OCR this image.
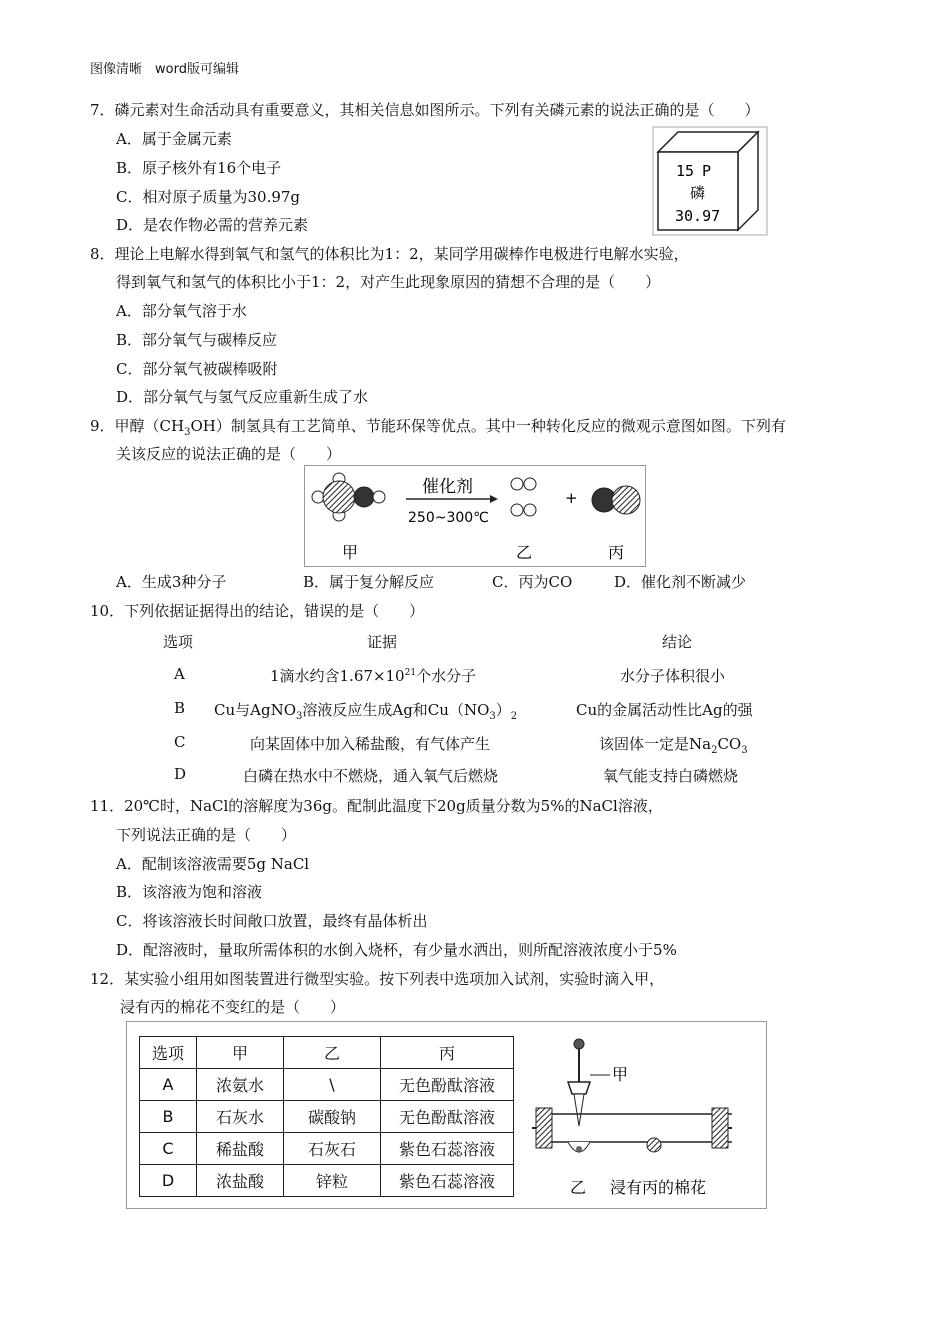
图像清晰　word版可编辑
7．磷元素对生命活动具有重要意义，其相关信息如图所示。下列有关磷元素的说法正确的是（　　）
A．属于金属元素
B．原子核外有16个电子
C．相对原子质量为30.97g
D．是农作物必需的营养元素
15 P
磷
30.97
8．理论上电解水得到氧气和氢气的体积比为1：2，某同学用碳棒作电极进行电解水实验，
得到氧气和氢气的体积比小于1：2，对产生此现象原因的猜想不合理的是（　　）
A．部分氧气溶于水
B．部分氧气与碳棒反应
C．部分氧气被碳棒吸附
D．部分氧气与氢气反应重新生成了水
9．甲醇$(CH_3OH)$制氢具有工艺简单、节能环保等优点。其中一种转化反应的微观示意图如图。下列有
关该反应的说法正确的是（　　）
催化剂
250~300℃
+
甲	乙	丙
A．生成3种分子	B．属于复分解反应	C．丙为CO	D．催化剂不断减少
10．下列依据证据得出的结论，错误的是（　　）
选项	证据	结论
A	1滴水约含$1.67\times 10^{21}$个水分子	水分子体积很小
B Cu与AgNO$_3$溶液反应生成Ag和$Cu(NO_3)_2$	Cu的金属活动性比Ag的强
C	向某固体中加入稀盐酸，有气体产生	该固体一定是$Na_2CO_3$
D	白磷在热水中不燃烧，通入氧气后燃烧	氧气能支持白磷燃烧
11．20℃时，NaCl的溶解度为36g。配制此温度下20g质量分数为5%的NaCl溶液，
下列说法正确的是（　　）
A．配制该溶液需要5g NaCl
B．该溶液为饱和溶液
C．将该溶液长时间敞口放置，最终有晶体析出
D．配溶液时，量取所需体积的水倒入烧杯，有少量水洒出，则所配溶液浓度小于5%
12．某实验小组用如图装置进行微型实验。按下列表中选项加入试剂，实验时滴入甲，
浸有丙的棉花不变红的是（　　）
选项	甲	乙	丙
A	浓氨水	\	无色酚酞溶液
B	石灰水	碳酸钠	无色酚酞溶液
C	稀盐酸	石灰石	紫色石蕊溶液
D	浓盐酸	锌粒	紫色石蕊溶液
甲
乙 浸有丙的棉花
